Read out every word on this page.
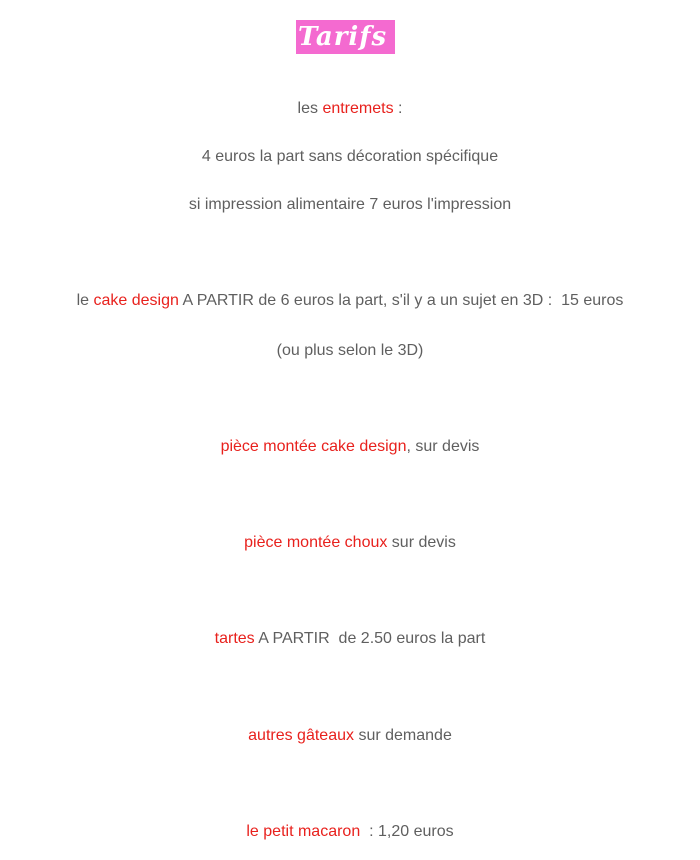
Tarifs
les entremets :
4 euros la part sans décoration spécifique
si impression alimentaire 7 euros l'impression
le cake design A PARTIR de 6 euros la part, s'il y a un sujet en 3D :  15 euros
(ou plus selon le 3D)
pièce montée cake design, sur devis
pièce montée choux sur devis
tartes A PARTIR  de 2.50 euros la part
autres gâteaux sur demande
le petit macaron  : 1,20 euros
